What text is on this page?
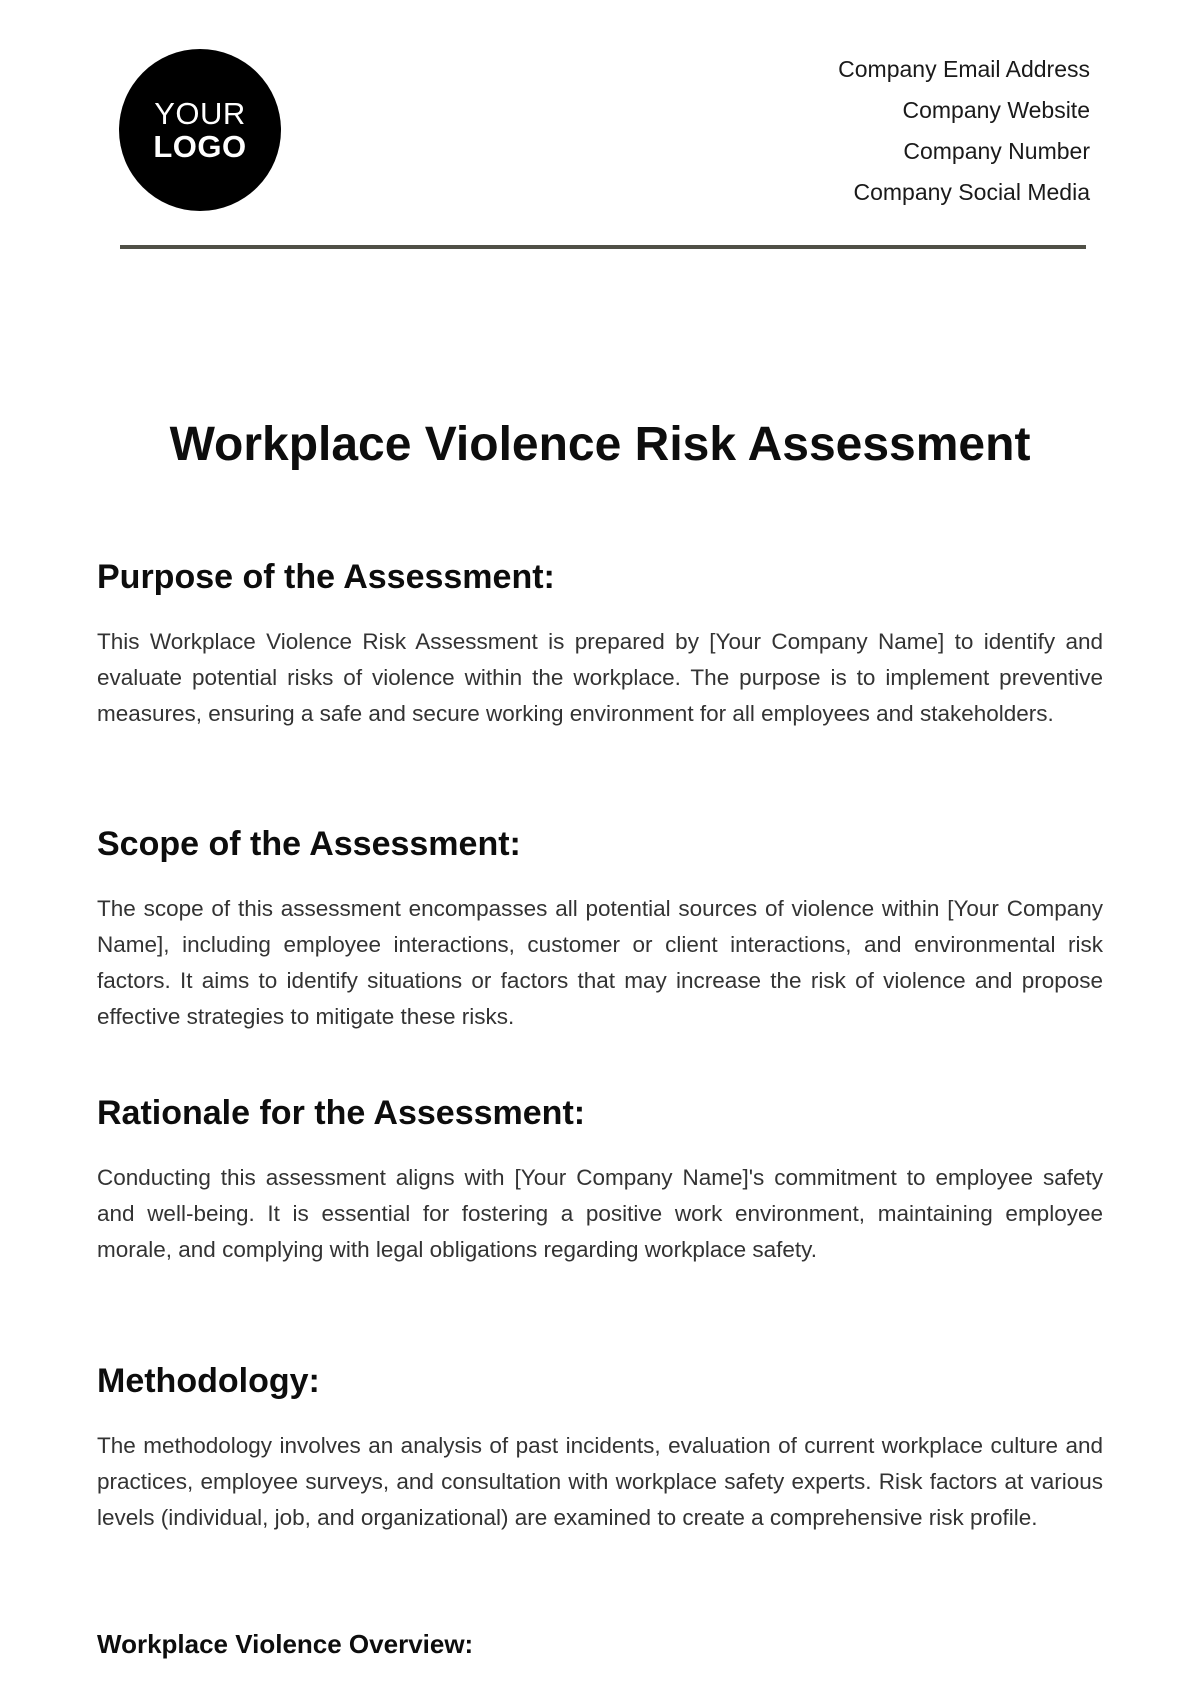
YOUR
LOGO
Company Email Address
Company Website
Company Number
Company Social Media
Workplace Violence Risk Assessment
Purpose of the Assessment:

This Workplace Violence Risk Assessment is prepared by [Your Company Name] to identify and evaluate potential risks of violence within the workplace. The purpose is to implement preventive measures, ensuring a safe and secure working environment for all employees and stakeholders.

Scope of the Assessment:

The scope of this assessment encompasses all potential sources of violence within [Your Company Name], including employee interactions, customer or client interactions, and environmental risk factors. It aims to identify situations or factors that may increase the risk of violence and propose effective strategies to mitigate these risks.

Rationale for the Assessment:

Conducting this assessment aligns with [Your Company Name]'s commitment to employee safety and well-being. It is essential for fostering a positive work environment, maintaining employee morale, and complying with legal obligations regarding workplace safety.

Methodology:

The methodology involves an analysis of past incidents, evaluation of current workplace culture and practices, employee surveys, and consultation with workplace safety experts. Risk factors at various levels (individual, job, and organizational) are examined to create a comprehensive risk profile.

Workplace Violence Overview:
